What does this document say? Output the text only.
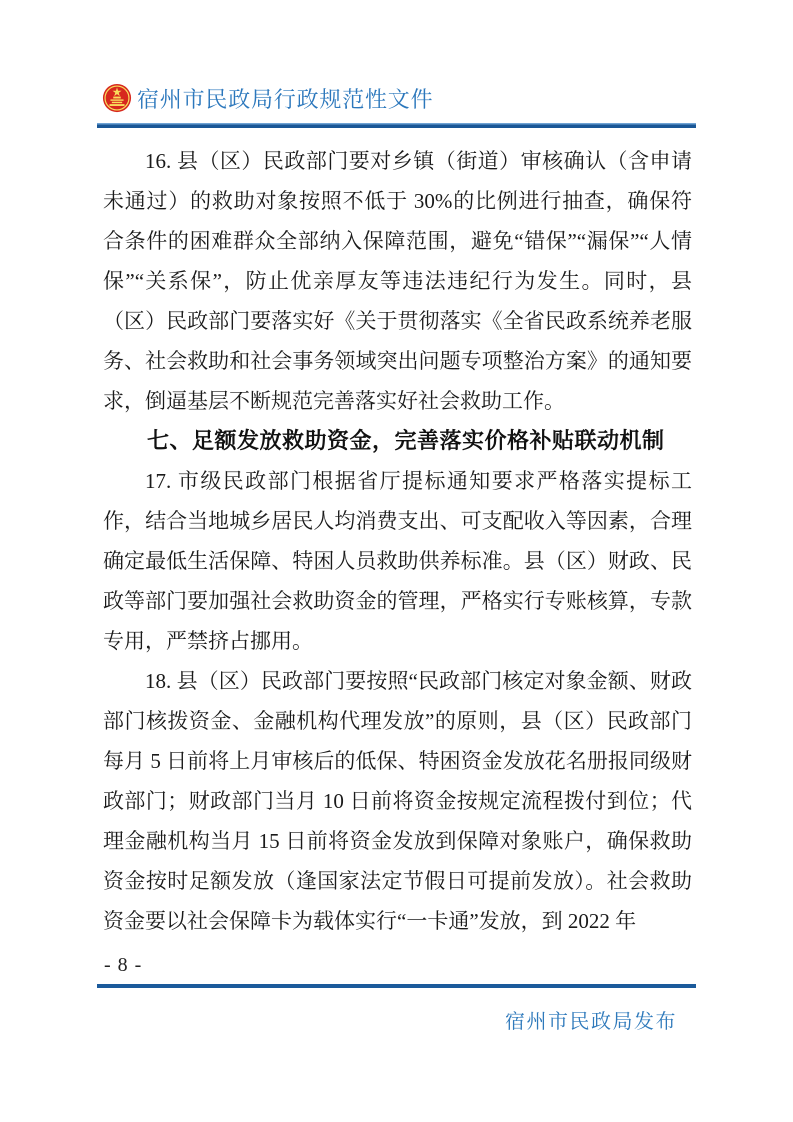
宿州市民政局行政规范性文件

16. 县（区）民政部门要对乡镇（街道）审核确认（含申请未通过）的救助对象按照不低于 30%的比例进行抽查，确保符合条件的困难群众全部纳入保障范围，避免“错保”“漏保”“人情保”“关系保”，防止优亲厚友等违法违纪行为发生。同时，县（区）民政部门要落实好《关于贯彻落实《全省民政系统养老服务、社会救助和社会事务领域突出问题专项整治方案》的通知要求，倒逼基层不断规范完善落实好社会救助工作。

七、足额发放救助资金，完善落实价格补贴联动机制

17. 市级民政部门根据省厅提标通知要求严格落实提标工作，结合当地城乡居民人均消费支出、可支配收入等因素，合理确定最低生活保障、特困人员救助供养标准。县（区）财政、民政等部门要加强社会救助资金的管理，严格实行专账核算，专款专用，严禁挤占挪用。

18. 县（区）民政部门要按照“民政部门核定对象金额、财政部门核拨资金、金融机构代理发放”的原则，县（区）民政部门每月 5 日前将上月审核后的低保、特困资金发放花名册报同级财政部门；财政部门当月 10 日前将资金按规定流程拨付到位；代理金融机构当月 15 日前将资金发放到保障对象账户，确保救助资金按时足额发放（逢国家法定节假日可提前发放）。社会救助资金要以社会保障卡为载体实行“一卡通”发放，到 2022 年

- 8 -
宿州市民政局发布
